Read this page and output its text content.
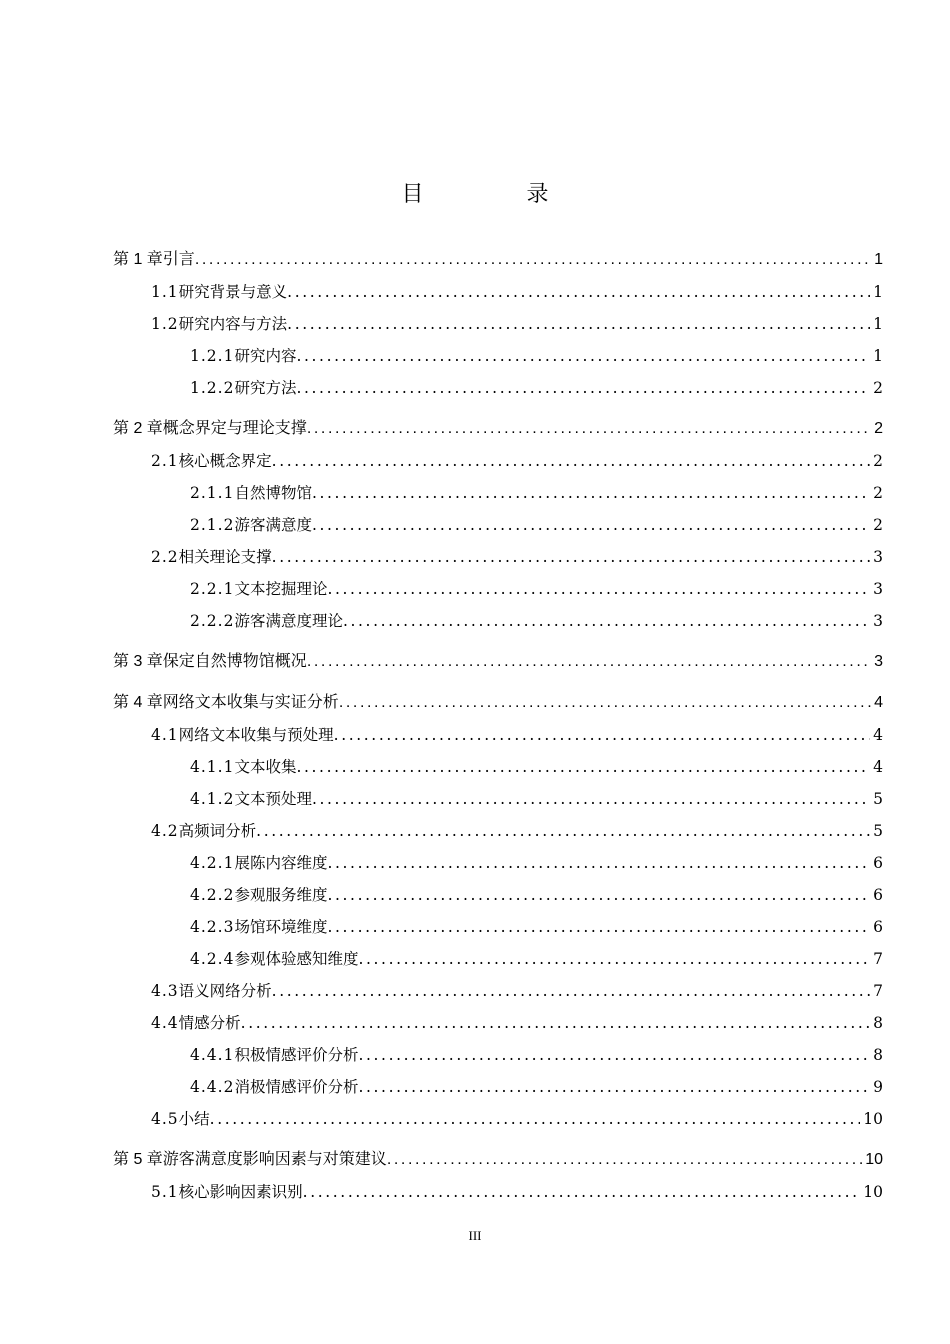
目 录
第 1 章 引言 .....	1
1.1 研究背景与意义 .....	1
1.2 研究内容与方法 .....	1
1.2.1 研究内容 .....	1
1.2.2 研究方法 .....	2
第 2 章 概念界定与理论支撑 .....	2
2.1 核心概念界定 .....	2
2.1.1 自然博物馆 .....	2
2.1.2 游客满意度 .....	2
2.2 相关理论支撑 .....	3
2.2.1 文本挖掘理论 .....	3
2.2.2 游客满意度理论 .....	3
第 3 章 保定自然博物馆概况 .....	3
第 4 章 网络文本收集与实证分析 .....	4
4.1 网络文本收集与预处理 .....	4
4.1.1 文本收集 .....	4
4.1.2 文本预处理 .....	5
4.2 高频词分析 .....	5
4.2.1 展陈内容维度 .....	6
4.2.2 参观服务维度 .....	6
4.2.3 场馆环境维度 .....	6
4.2.4 参观体验感知维度 .....	7
4.3 语义网络分析 .....	7
4.4 情感分析 .....	8
4.4.1 积极情感评价分析 .....	8
4.4.2 消极情感评价分析 .....	9
4.5 小结 .....	10
第 5 章 游客满意度影响因素与对策建议 .....	10
5.1 核心影响因素识别 .....	10
III
